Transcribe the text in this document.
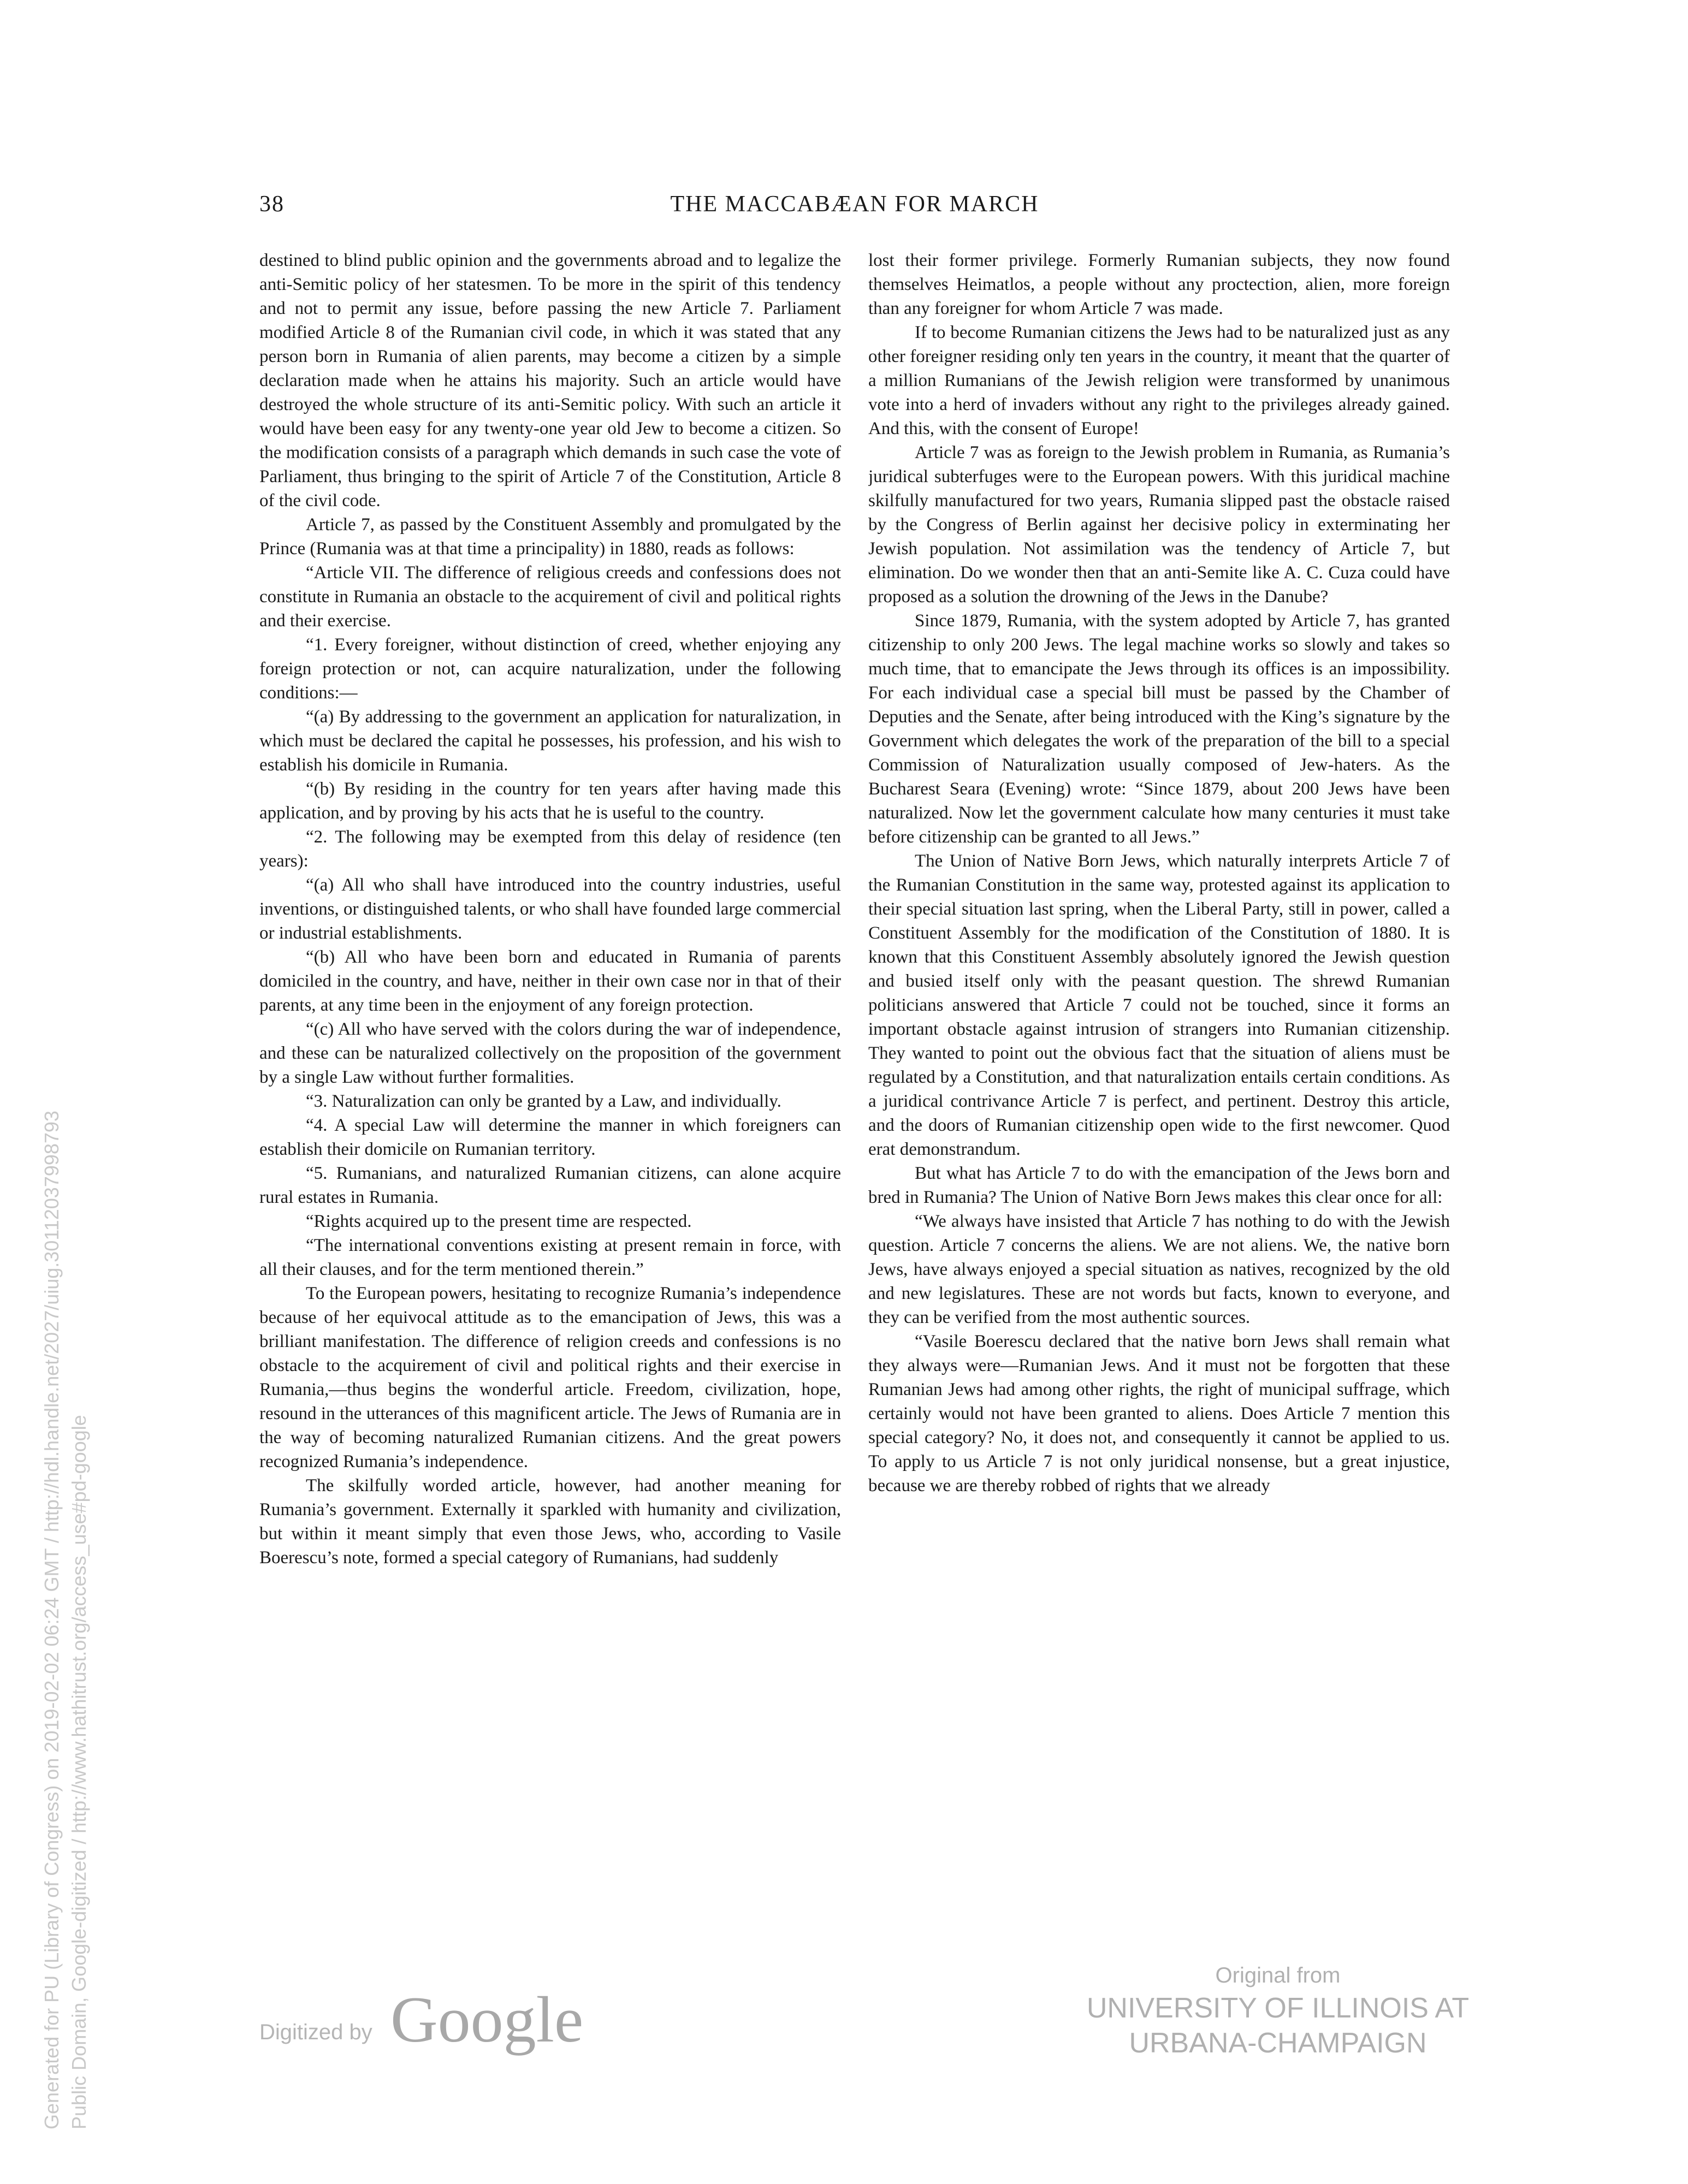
38	THE MACCABÆAN FOR MARCH

destined to blind public opinion and the governments abroad and to legalize the anti-Semitic policy of her statesmen. To be more in the spirit of this tendency and not to permit any issue, before passing the new Article 7. Parliament modified Article 8 of the Rumanian civil code, in which it was stated that any person born in Rumania of alien parents, may become a citizen by a simple declaration made when he attains his majority. Such an article would have destroyed the whole structure of its anti-Semitic policy. With such an article it would have been easy for any twenty-one year old Jew to become a citizen. So the modification consists of a paragraph which demands in such case the vote of Parliament, thus bringing to the spirit of Article 7 of the Constitution, Article 8 of the civil code.

Article 7, as passed by the Constituent Assembly and promulgated by the Prince (Rumania was at that time a principality) in 1880, reads as follows:

“Article VII. The difference of religious creeds and confessions does not constitute in Rumania an obstacle to the acquirement of civil and political rights and their exercise.

“1. Every foreigner, without distinction of creed, whether enjoying any foreign protection or not, can acquire naturalization, under the following conditions:—

“(a) By addressing to the government an application for naturalization, in which must be declared the capital he possesses, his profession, and his wish to establish his domicile in Rumania.

“(b) By residing in the country for ten years after having made this application, and by proving by his acts that he is useful to the country.

“2. The following may be exempted from this delay of residence (ten years):

“(a) All who shall have introduced into the country industries, useful inventions, or distinguished talents, or who shall have founded large commercial or industrial establishments.

“(b) All who have been born and educated in Rumania of parents domiciled in the country, and have, neither in their own case nor in that of their parents, at any time been in the enjoyment of any foreign protection.

“(c) All who have served with the colors during the war of independence, and these can be naturalized collectively on the proposition of the government by a single Law without further formalities.

“3. Naturalization can only be granted by a Law, and individually.

“4. A special Law will determine the manner in which foreigners can establish their domicile on Rumanian territory.

“5. Rumanians, and naturalized Rumanian citizens, can alone acquire rural estates in Rumania.

“Rights acquired up to the present time are respected.

“The international conventions existing at present remain in force, with all their clauses, and for the term mentioned therein.”

To the European powers, hesitating to recognize Rumania’s independence because of her equivocal attitude as to the emancipation of Jews, this was a brilliant manifestation. The difference of religion creeds and confessions is no obstacle to the acquirement of civil and political rights and their exercise in Rumania,—thus begins the wonderful article. Freedom, civilization, hope, resound in the utterances of this magnificent article. The Jews of Rumania are in the way of becoming naturalized Rumanian citizens. And the great powers recognized Rumania’s independence.

The skilfully worded article, however, had another meaning for Rumania’s government. Externally it sparkled with humanity and civilization, but within it meant simply that even those Jews, who, according to Vasile Boerescu’s note, formed a special category of Rumanians, had suddenly

lost their former privilege. Formerly Rumanian subjects, they now found themselves Heimatlos, a people without any proctection, alien, more foreign than any foreigner for whom Article 7 was made.

If to become Rumanian citizens the Jews had to be naturalized just as any other foreigner residing only ten years in the country, it meant that the quarter of a million Rumanians of the Jewish religion were transformed by unanimous vote into a herd of invaders without any right to the privileges already gained. And this, with the consent of Europe!

Article 7 was as foreign to the Jewish problem in Rumania, as Rumania’s juridical subterfuges were to the European powers. With this juridical machine skilfully manufactured for two years, Rumania slipped past the obstacle raised by the Congress of Berlin against her decisive policy in exterminating her Jewish population. Not assimilation was the tendency of Article 7, but elimination. Do we wonder then that an anti-Semite like A. C. Cuza could have proposed as a solution the drowning of the Jews in the Danube?

Since 1879, Rumania, with the system adopted by Article 7, has granted citizenship to only 200 Jews. The legal machine works so slowly and takes so much time, that to emancipate the Jews through its offices is an impossibility. For each individual case a special bill must be passed by the Chamber of Deputies and the Senate, after being introduced with the King’s signature by the Government which delegates the work of the preparation of the bill to a special Commission of Naturalization usually composed of Jew-haters. As the Bucharest Seara (Evening) wrote: “Since 1879, about 200 Jews have been naturalized. Now let the government calculate how many centuries it must take before citizenship can be granted to all Jews.”

The Union of Native Born Jews, which naturally interprets Article 7 of the Rumanian Constitution in the same way, protested against its application to their special situation last spring, when the Liberal Party, still in power, called a Constituent Assembly for the modification of the Constitution of 1880. It is known that this Constituent Assembly absolutely ignored the Jewish question and busied itself only with the peasant question. The shrewd Rumanian politicians answered that Article 7 could not be touched, since it forms an important obstacle against intrusion of strangers into Rumanian citizenship. They wanted to point out the obvious fact that the situation of aliens must be regulated by a Constitution, and that naturalization entails certain conditions. As a juridical contrivance Article 7 is perfect, and pertinent. Destroy this article, and the doors of Rumanian citizenship open wide to the first newcomer. Quod erat demonstrandum.

But what has Article 7 to do with the emancipation of the Jews born and bred in Rumania? The Union of Native Born Jews makes this clear once for all:

“We always have insisted that Article 7 has nothing to do with the Jewish question. Article 7 concerns the aliens. We are not aliens. We, the native born Jews, have always enjoyed a special situation as natives, recognized by the old and new legislatures. These are not words but facts, known to everyone, and they can be verified from the most authentic sources.

“Vasile Boerescu declared that the native born Jews shall remain what they always were—Rumanian Jews. And it must not be forgotten that these Rumanian Jews had among other rights, the right of municipal suffrage, which certainly would not have been granted to aliens. Does Article 7 mention this special category? No, it does not, and consequently it cannot be applied to us. To apply to us Article 7 is not only juridical nonsense, but a great injustice, because we are thereby robbed of rights that we already

Generated for PU (Library of Congress) on 2019-02-02 06:24 GMT / http://hdl.handle.net/2027/uiug.30112037998793 Public Domain, Google-digitized / http://www.hathitrust.org/access_use#pd-google	Digitized by Google
Original from
UNIVERSITY OF ILLINOIS AT
URBANA-CHAMPAIGN
